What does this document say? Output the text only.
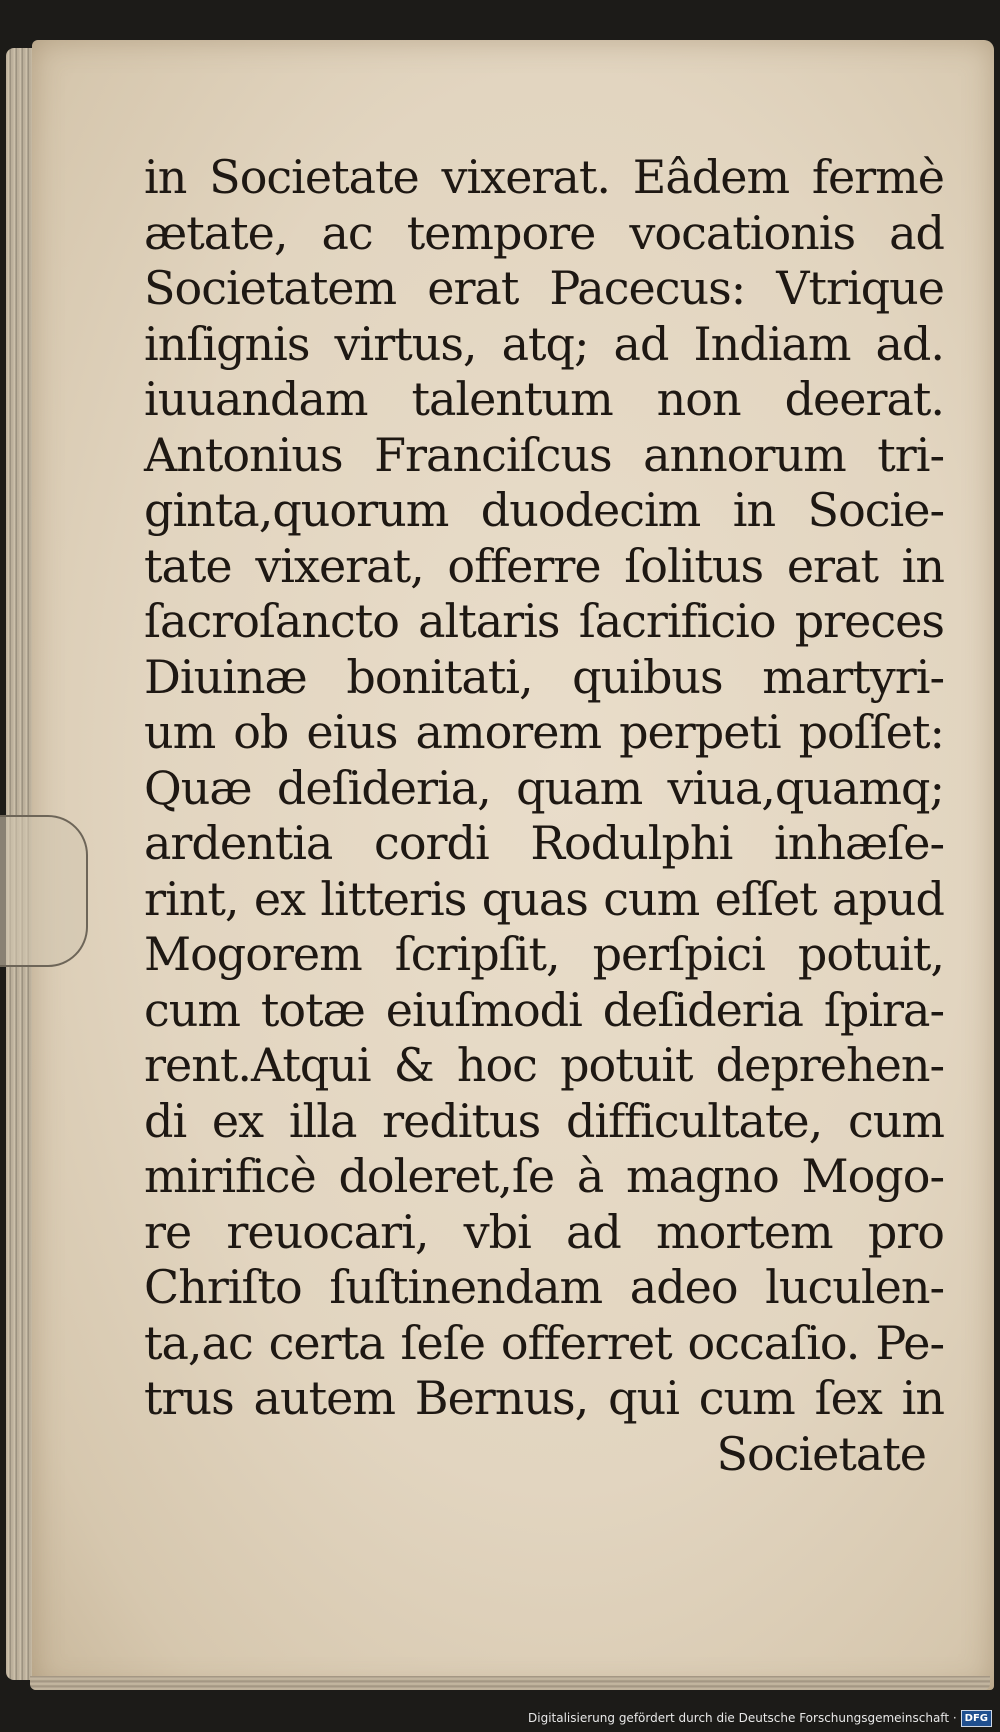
in Societate vixerat. Eâdem fermè
ætate, ac tempore vocationis ad
Societatem erat Pacecus: Vtrique
inſignis virtus, atq; ad Indiam ad.
iuuandam talentum non deerat.
Antonius Franciſcus annorum tri-
ginta,quorum duodecim in Socie-
tate vixerat, offerre ſolitus erat in
ſacroſancto altaris ſacrificio preces
Diuinæ bonitati, quibus martyri-
um ob eius amorem perpeti poſſet:
Quæ deſideria, quam viua,quamq;
ardentia cordi Rodulphi inhæſe-
rint, ex litteris quas cum eſſet apud
Mogorem ſcripſit, perſpici potuit,
cum totæ eiuſmodi deſideria ſpira-
rent.Atqui & hoc potuit deprehen-
di ex illa reditus difficultate, cum
mirificè doleret,ſe à magno Mogo-
re reuocari, vbi ad mortem pro
Chriſto ſuſtinendam adeo luculen-
ta,ac certa ſeſe offerret occaſio. Pe-
trus autem Bernus, qui cum ſex in
Societate
Digitalisierung gefördert durch die Deutsche Forschungsgemeinschaft · DFG
